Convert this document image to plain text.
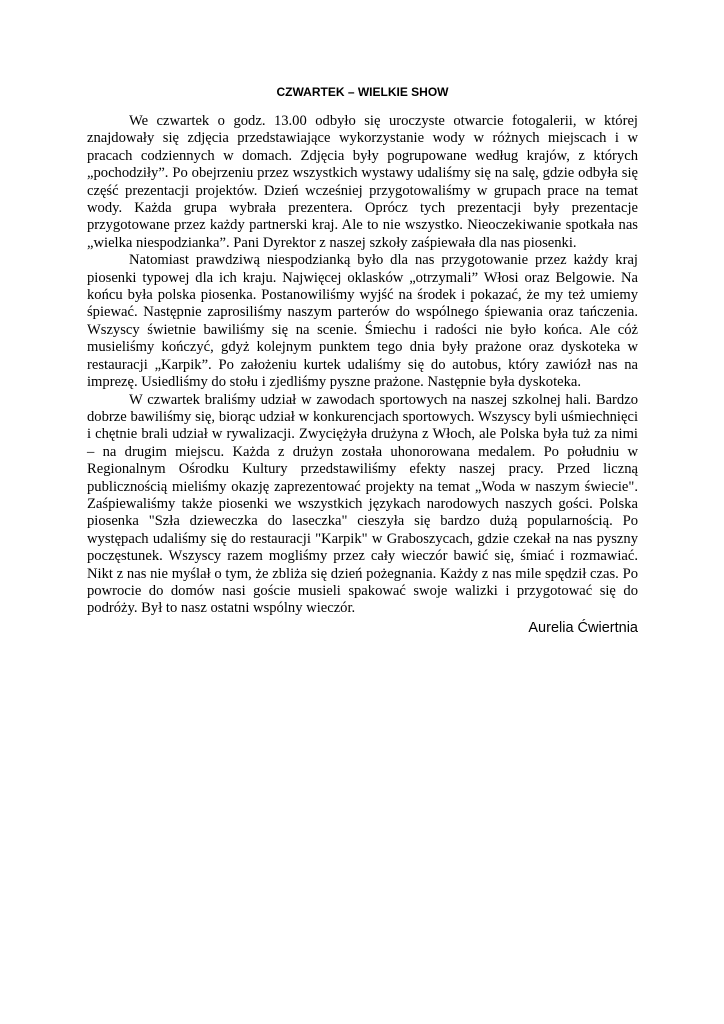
CZWARTEK – WIELKIE SHOW

We czwartek o godz. 13.00 odbyło się uroczyste otwarcie fotogalerii, w której znajdowały się zdjęcia przedstawiające wykorzystanie wody w różnych miejscach i w pracach codziennych w domach. Zdjęcia były pogrupowane według krajów, z których „pochodziły”. Po obejrzeniu przez wszystkich wystawy udaliśmy się na salę, gdzie odbyła się część prezentacji projektów. Dzień wcześniej przygotowaliśmy w grupach prace na temat wody. Każda grupa wybrała prezentera. Oprócz tych prezentacji były prezentacje przygotowane przez każdy partnerski kraj. Ale to nie wszystko. Nieoczekiwanie spotkała nas „wielka niespodzianka”. Pani Dyrektor z naszej szkoły zaśpiewała dla nas piosenki.

Natomiast prawdziwą niespodzianką było dla nas przygotowanie przez każdy kraj piosenki typowej dla ich kraju. Najwięcej oklasków „otrzymali” Włosi oraz Belgowie. Na końcu była polska piosenka. Postanowiliśmy wyjść na środek i pokazać, że my też umiemy śpiewać. Następnie zaprosiliśmy naszym parterów do wspólnego śpiewania oraz tańczenia. Wszyscy świetnie bawiliśmy się na scenie. Śmiechu i radości nie było końca. Ale cóż musieliśmy kończyć, gdyż kolejnym punktem tego dnia były prażone oraz dyskoteka w restauracji „Karpik”. Po założeniu kurtek udaliśmy się do autobus, który zawiózł nas na imprezę. Usiedliśmy do stołu i zjedliśmy pyszne prażone. Następnie była dyskoteka.

W czwartek braliśmy udział w zawodach sportowych na naszej szkolnej hali. Bardzo dobrze bawiliśmy się, biorąc udział w konkurencjach sportowych. Wszyscy byli uśmiechnięci i chętnie brali udział w rywalizacji. Zwyciężyła drużyna z Włoch, ale Polska była tuż za nimi – na drugim miejscu. Każda z drużyn została uhonorowana medalem. Po południu w Regionalnym Ośrodku Kultury przedstawiliśmy efekty naszej pracy. Przed liczną publicznością mieliśmy okazję zaprezentować projekty na temat „Woda w naszym świecie". Zaśpiewaliśmy także piosenki we wszystkich językach narodowych naszych gości. Polska piosenka "Szła dzieweczka do laseczka" cieszyła się bardzo dużą popularnością. Po występach udaliśmy się do restauracji "Karpik" w Graboszycach, gdzie czekał na nas pyszny poczęstunek. Wszyscy razem mogliśmy przez cały wieczór bawić się, śmiać i rozmawiać. Nikt z nas nie myślał o tym, że zbliża się dzień pożegnania. Każdy z nas mile spędził czas. Po powrocie do domów nasi goście musieli spakować swoje walizki i przygotować się do podróży. Był to nasz ostatni wspólny wieczór.

Aurelia Ćwiertnia
